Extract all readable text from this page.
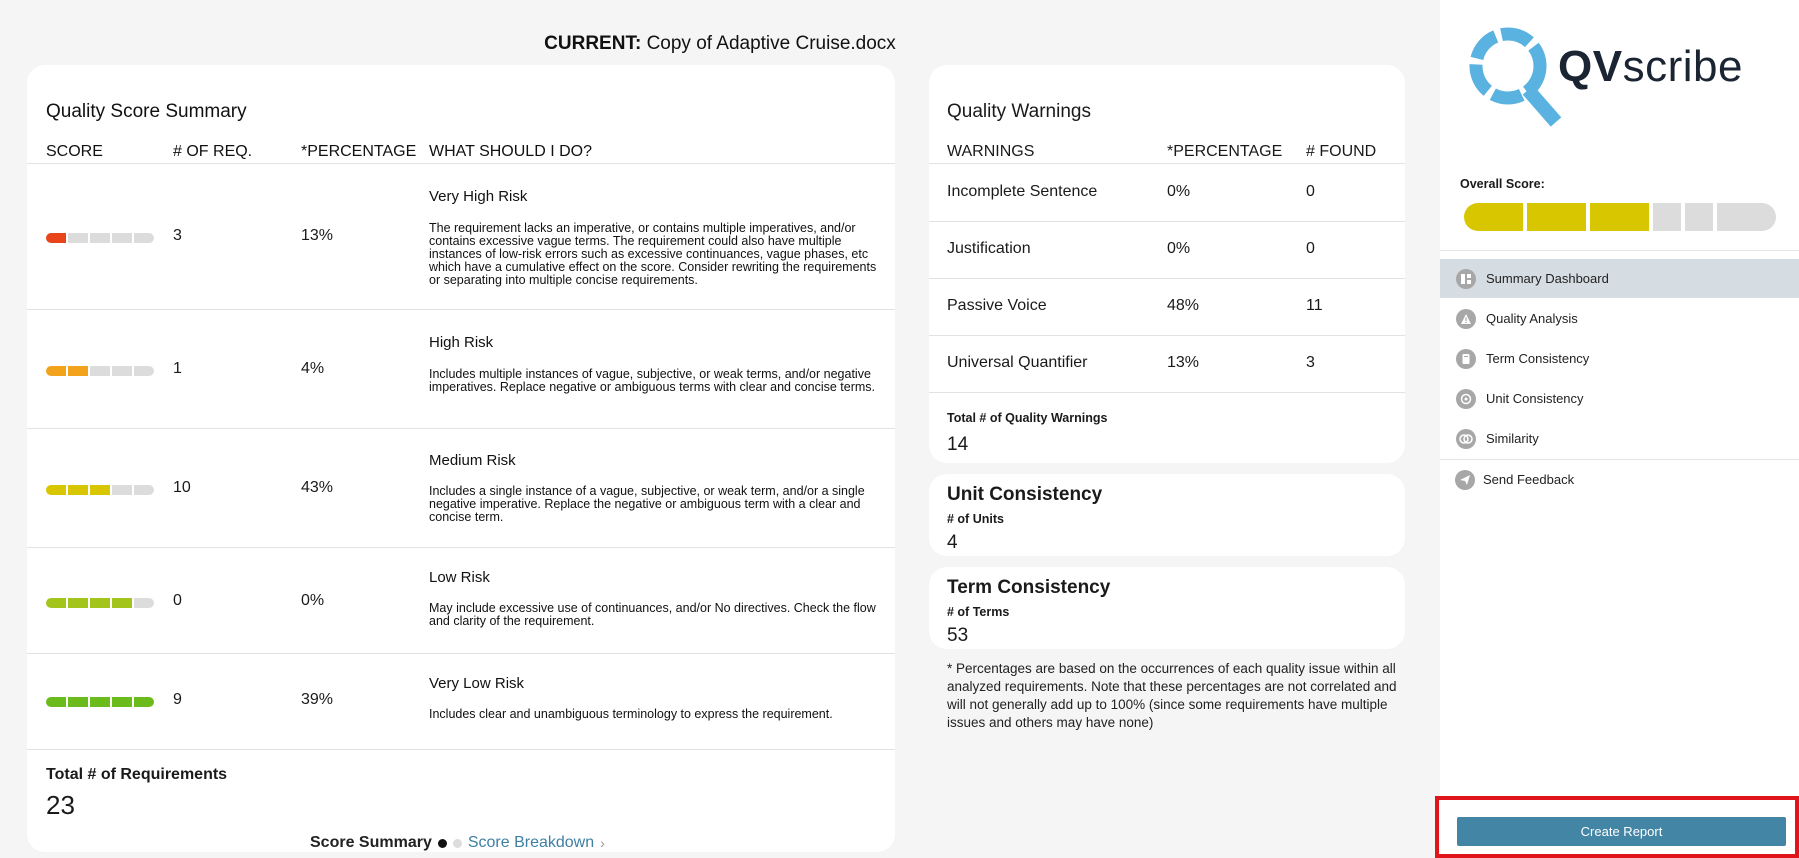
CURRENT: Copy of Adaptive Cruise.docx
Quality Score Summary
SCORE	# OF REQ.	*PERCENTAGE WHAT SHOULD I DO?
3	13%
Very High Risk
The requirement lacks an imperative, or contains multiple imperatives, and/or contains excessive vague terms. The requirement could also have multiple instances of low-risk errors such as excessive continuances, vague phases, etc which have a cumulative effect on the score. Consider rewriting the requirements or separating into multiple concise requirements.
1	4%
High Risk
Includes multiple instances of vague, subjective, or weak terms, and/or negative imperatives. Replace negative or ambiguous terms with clear and concise terms.
10	43%
Medium Risk
Includes a single instance of a vague, subjective, or weak term, and/or a single negative imperative. Replace the negative or ambiguous term with a clear and concise term.
0	0%
Low Risk
May include excessive use of continuances, and/or No directives. Check the flow and clarity of the requirement.
9	39%
Very Low Risk
Includes clear and unambiguous terminology to express the requirement.
Total # of Requirements
23
Score Summary Score Breakdown ›
Quality Warnings
WARNINGS	*PERCENTAGE # FOUND
Incomplete Sentence	0%	0
Justification	0%	0
Passive Voice	48%	11
Universal Quantifier	13%	3
Total # of Quality Warnings
14
Unit Consistency
# of Units
4
Term Consistency
# of Terms
53
* Percentages are based on the occurrences of each quality issue within all analyzed requirements. Note that these percentages are not correlated and will not generally add up to 100% (since some requirements have multiple issues and others may have none)
QVscribe
Overall Score:
Summary Dashboard
Quality Analysis
Term Consistency
Unit Consistency
Similarity
Send Feedback
Create Report
